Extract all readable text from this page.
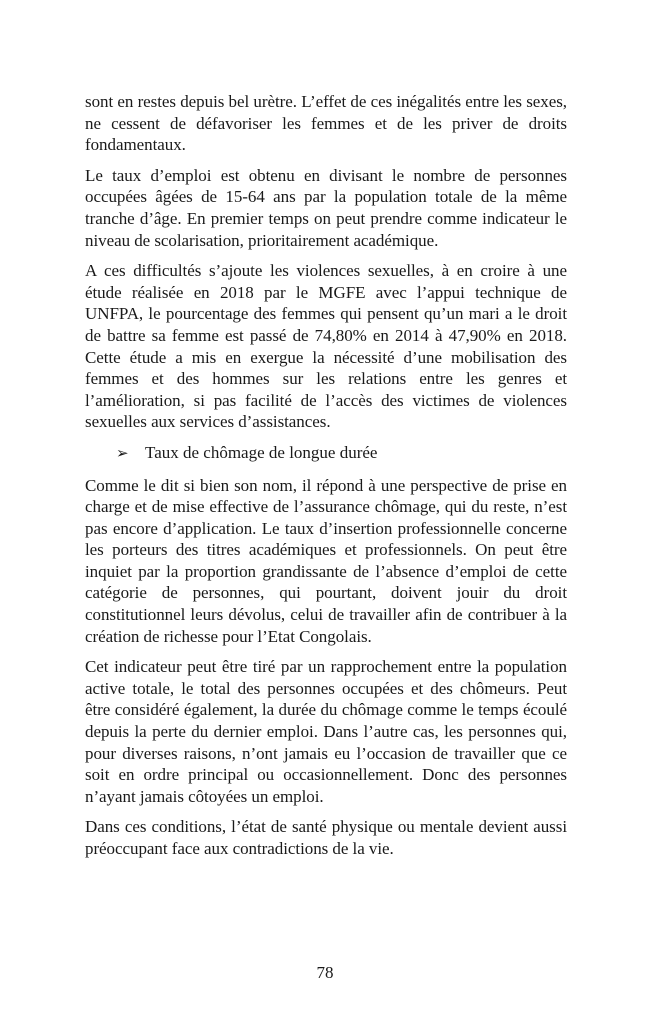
sont en restes depuis bel urètre. L’effet de ces inégalités entre les sexes, ne cessent de défavoriser les femmes et de les priver de droits fondamentaux.

Le taux d’emploi est obtenu en divisant le nombre de personnes occupées âgées de 15-64 ans par la population totale de la même tranche d’âge. En premier temps on peut prendre comme indicateur le niveau de scolarisation, prioritairement académique.

A ces difficultés s’ajoute les violences sexuelles, à en croire à une étude réalisée en 2018 par le MGFE avec l’appui technique de UNFPA, le pourcentage des femmes qui pensent qu’un mari a le droit de battre sa femme est passé de 74,80% en 2014 à 47,90% en 2018. Cette étude a mis en exergue la nécessité d’une mobilisation des femmes et des hommes sur les relations entre les genres et l’amélioration, si pas facilité de l’accès des victimes de violences sexuelles aux services d’assistances.

➢ Taux de chômage de longue durée

Comme le dit si bien son nom, il répond à une perspective de prise en charge et de mise effective de l’assurance chômage, qui du reste, n’est pas encore d’application. Le taux d’insertion professionnelle concerne les porteurs des titres académiques et professionnels. On peut être inquiet par la proportion grandissante de l’absence d’emploi de cette catégorie de personnes, qui pourtant, doivent jouir du droit constitutionnel leurs dévolus, celui de travailler afin de contribuer à la création de richesse pour l’Etat Congolais.

Cet indicateur peut être tiré par un rapprochement entre la population active totale, le total des personnes occupées et des chômeurs. Peut être considéré également, la durée du chômage comme le temps écoulé depuis la perte du dernier emploi. Dans l’autre cas, les personnes qui, pour diverses raisons, n’ont jamais eu l’occasion de travailler que ce soit en ordre principal ou occasionnellement. Donc des personnes n’ayant jamais côtoyées un emploi.

Dans ces conditions, l’état de santé physique ou mentale devient aussi préoccupant face aux contradictions de la vie.

78
